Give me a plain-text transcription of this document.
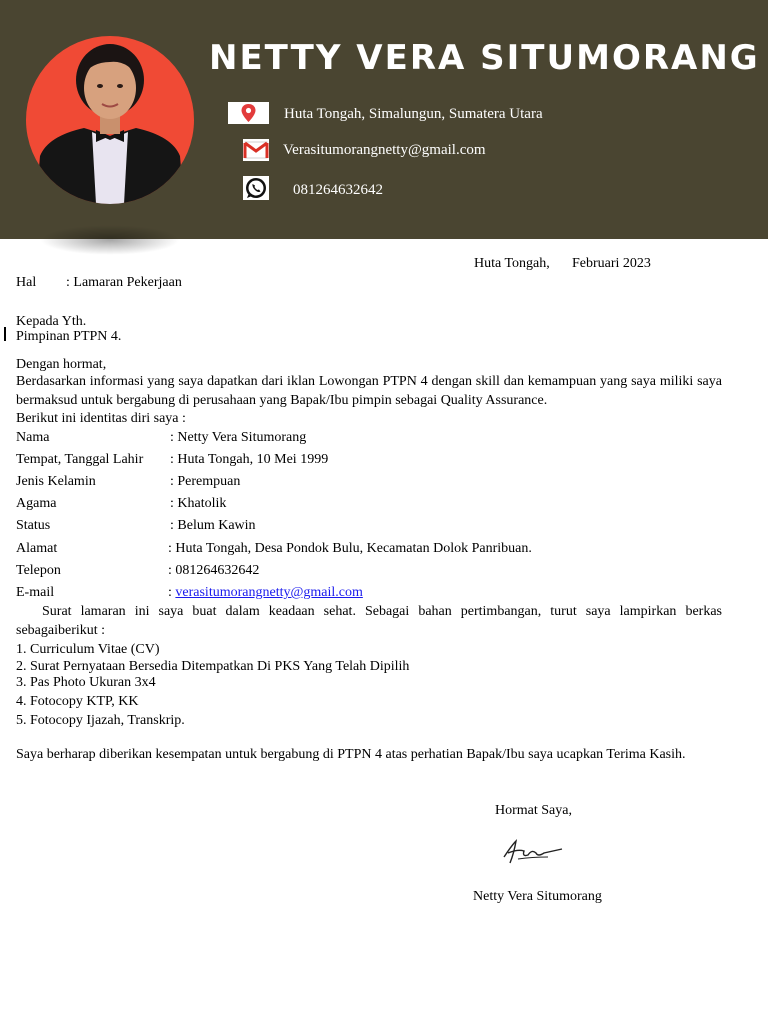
NETTY VERA SITUMORANG
Huta Tongah, Simalungun, Sumatera Utara
Verasitumorangnetty@gmail.com
081264632642
Huta Tongah, Februari 2023
Hal : Lamaran Pekerjaan
Kepada Yth.
Pimpinan PTPN 4.
Dengan hormat,
Berdasarkan informasi yang saya dapatkan dari iklan Lowongan PTPN 4 dengan skill dan kemampuan yang saya miliki saya bermaksud untuk bergabung di perusahaan yang Bapak/Ibu pimpin sebagai Quality Assurance.
Berikut ini identitas diri saya :
Nama	: Netty Vera Situmorang
Tempat, Tanggal Lahir : Huta Tongah, 10 Mei 1999
Jenis Kelamin	: Perempuan
Agama	: Khatolik
Status	: Belum Kawin
Alamat	: Huta Tongah, Desa Pondok Bulu, Kecamatan Dolok Panribuan.
Telepon	: 081264632642
E-mail	: verasitumorangnetty@gmail.com
Surat lamaran ini saya buat dalam keadaan sehat. Sebagai bahan pertimbangan, turut saya lampirkan berkas sebagaiberikut :
1. Curriculum Vitae (CV)
2. Surat Pernyataan Bersedia Ditempatkan Di PKS Yang Telah Dipilih
3. Pas Photo Ukuran 3x4
4. Fotocopy KTP, KK
5. Fotocopy Ijazah, Transkrip.
Saya berharap diberikan kesempatan untuk bergabung di PTPN 4 atas perhatian Bapak/Ibu saya ucapkan Terima Kasih.
Hormat Saya,
Netty Vera Situmorang
